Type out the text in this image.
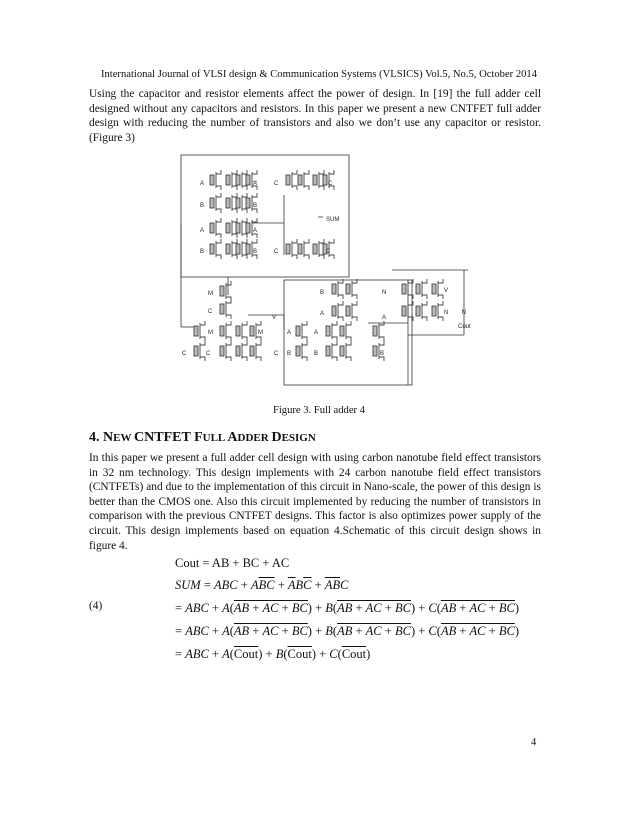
International Journal of VLSI design & Communication Systems (VLSICS) Vol.5, No.5, October 2014

Using the capacitor and resistor elements affect the power of design. In [19] the full adder cell designed without any capacitors and resistors. In this paper we present a new CNTFET full adder design with reducing the number of transistors and also we don’t use any capacitor or resistor. (Figure 3)

A	A
B	B
A	A
B	B
C	C
SUM
C	C
M
C
V
M	M
C	C	C
A	A
B	B
B
A
A
B
N	V
N N
Cout
Figure 3. Full adder 4
4. NEW CNTFET FULL ADDER DESIGN

In this paper we present a full adder cell design with using carbon nanotube field effect transistors in 32 nm technology. This design implements with 24 carbon nanotube field effect transistors (CNTFETs) and due to the implementation of this circuit in Nano-scale, the power of this design is better than the CMOS one. Also this circuit implemented by reducing the number of transistors in comparison with the previous CNTFET designs. This factor is also optimizes power supply of the circuit. This design implements based on equation 4.Schematic of this circuit design shows in figure 4.

(4)
Cout = AB + BC + AC
SUM = ABC + $A\overline{BC} + \overline{A}B\overline{C} + \overline{AB}C$
= ABC + A(AB + AC + BC) + B(AB + AC + BC) + C(AB + AC + BC)
= ABC + A(AB + AC + BC) + B(AB + AC + BC) + C(AB + AC + BC)
= ABC + A(Cout) + B(Cout) + C(Cout)
4
